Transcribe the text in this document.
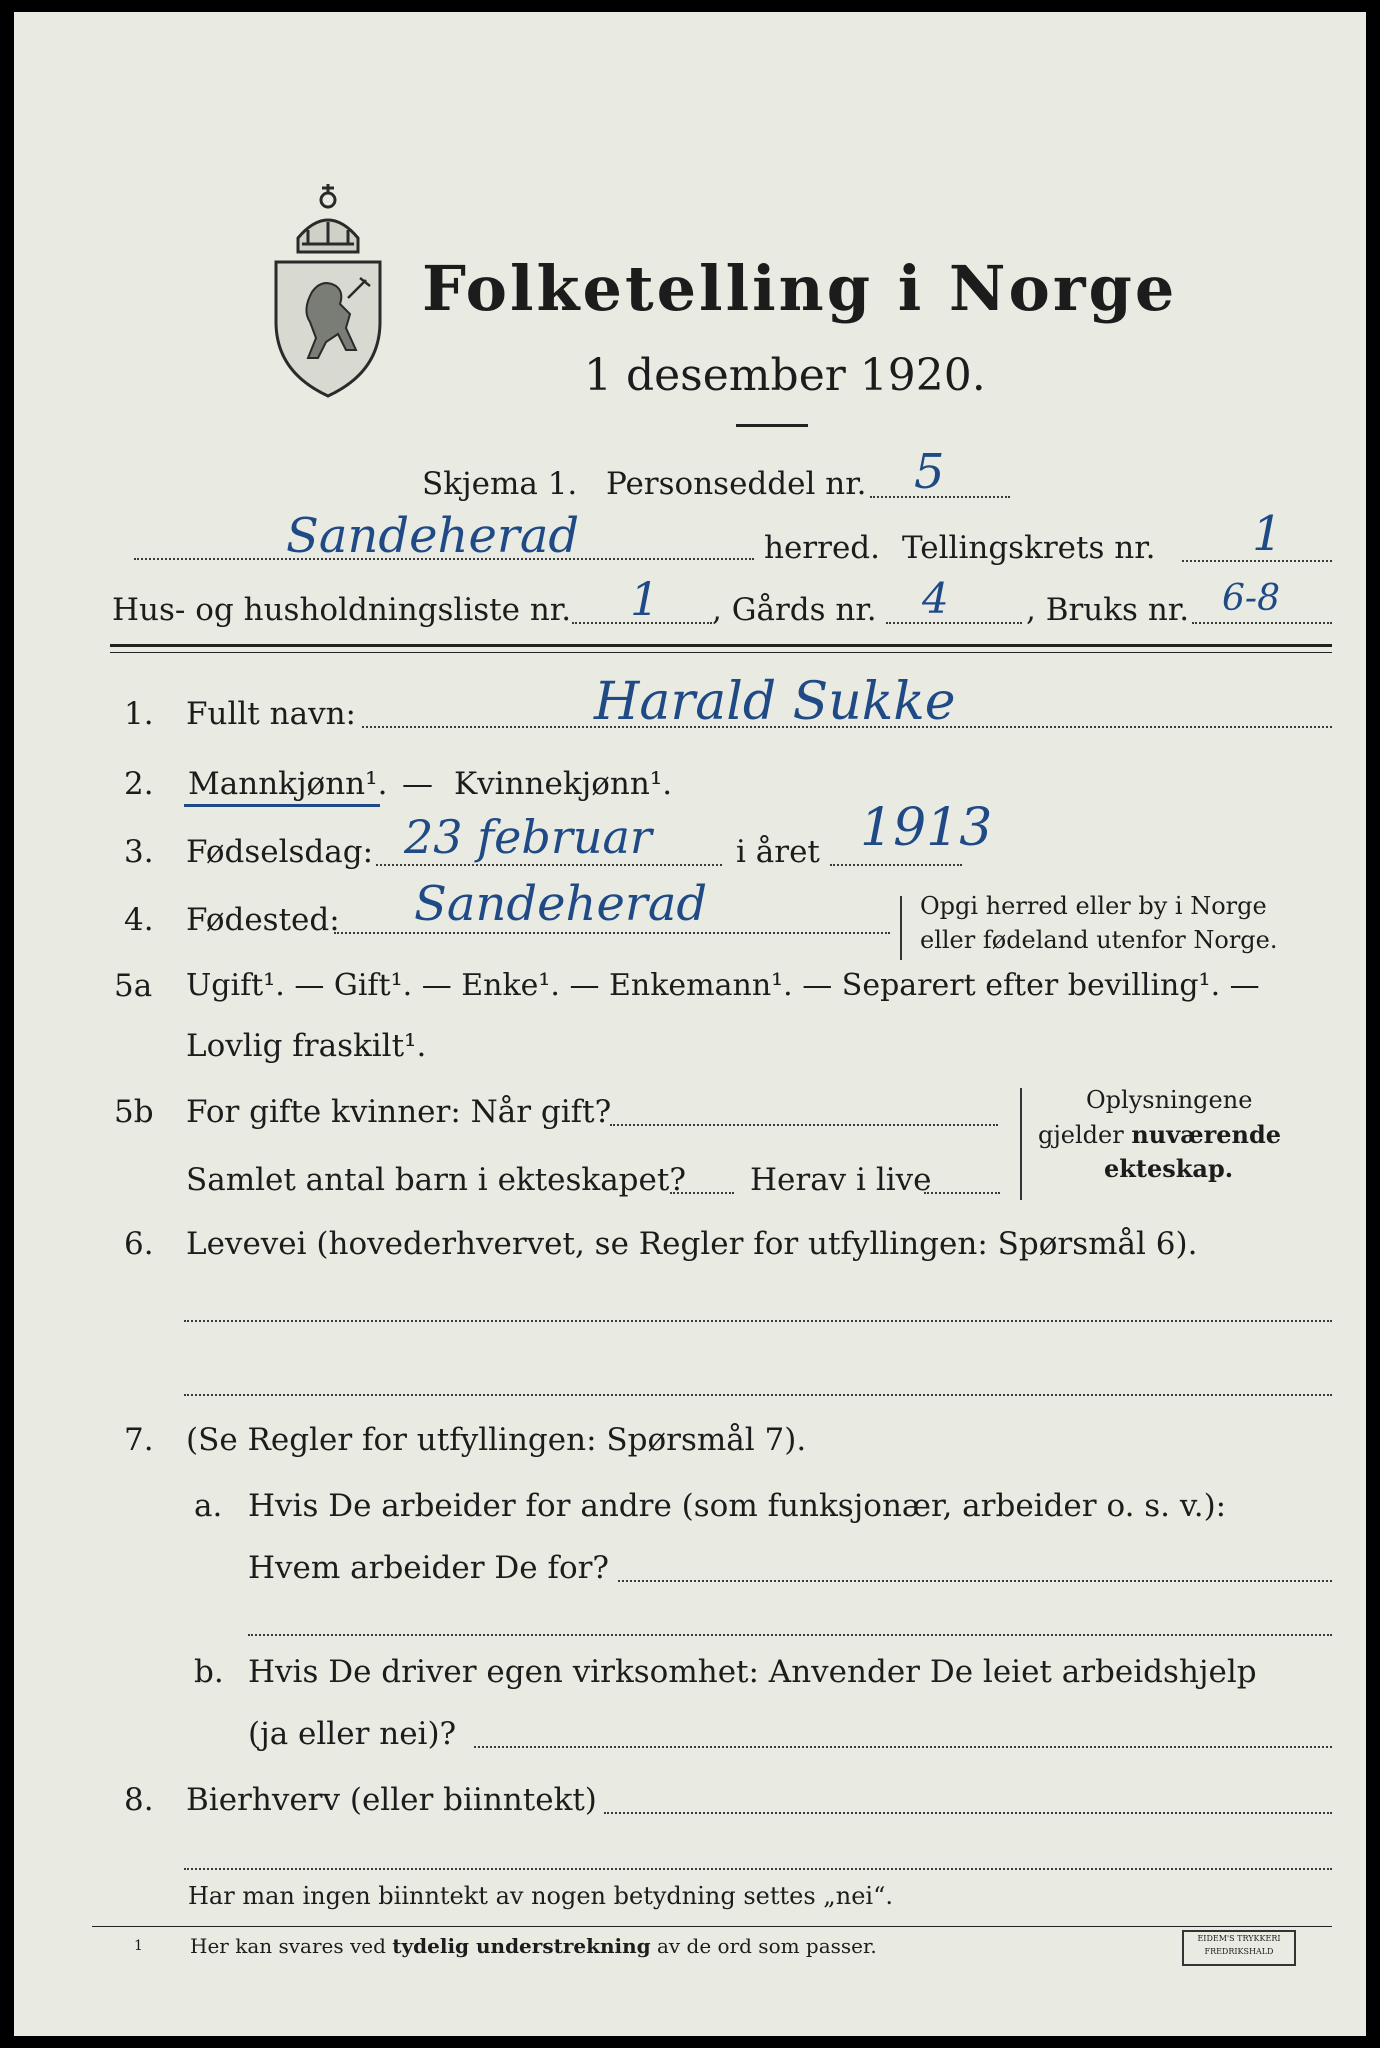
Folketelling i Norge
1 desember 1920.
Skjema 1. Personseddel nr. 5
Sandeherad	herred. Tellingskrets nr. 1
Hus- og husholdningsliste nr. 1 , Gårds nr. 4 , Bruks nr. 6-8
1. Fullt navn:	Harald Sukke
2. Mannkjønn¹. — Kvinnekjønn¹.
3. Fødselsdag: 23 februar	i året 1913
4. Fødested: Sandeherad	Opgi herred eller by i Norge
eller fødeland utenfor Norge.
5a Ugift¹. — Gift¹. — Enke¹. — Enkemann¹. — Separert efter bevilling¹. —
Lovlig fraskilt¹.
5b For gifte kvinner: Når gift?
Samlet antal barn i ekteskapet? Herav i live
Oplysningene
gjelder nuværende
ekteskap.
6. Levevei (hovederhvervet, se Regler for utfyllingen: Spørsmål 6).
7. (Se Regler for utfyllingen: Spørsmål 7).
a. Hvis De arbeider for andre (som funksjonær, arbeider o. s. v.):
Hvem arbeider De for?
b. Hvis De driver egen virksomhet: Anvender De leiet arbeidshjelp
(ja eller nei)?
8. Bierhverv (eller biinntekt)
Har man ingen biinntekt av nogen betydning settes „nei“.
1 Her kan svares ved tydelig understrekning av de ord som passer.	EIDEM'S TRYKKERI
FREDRIKSHALD
